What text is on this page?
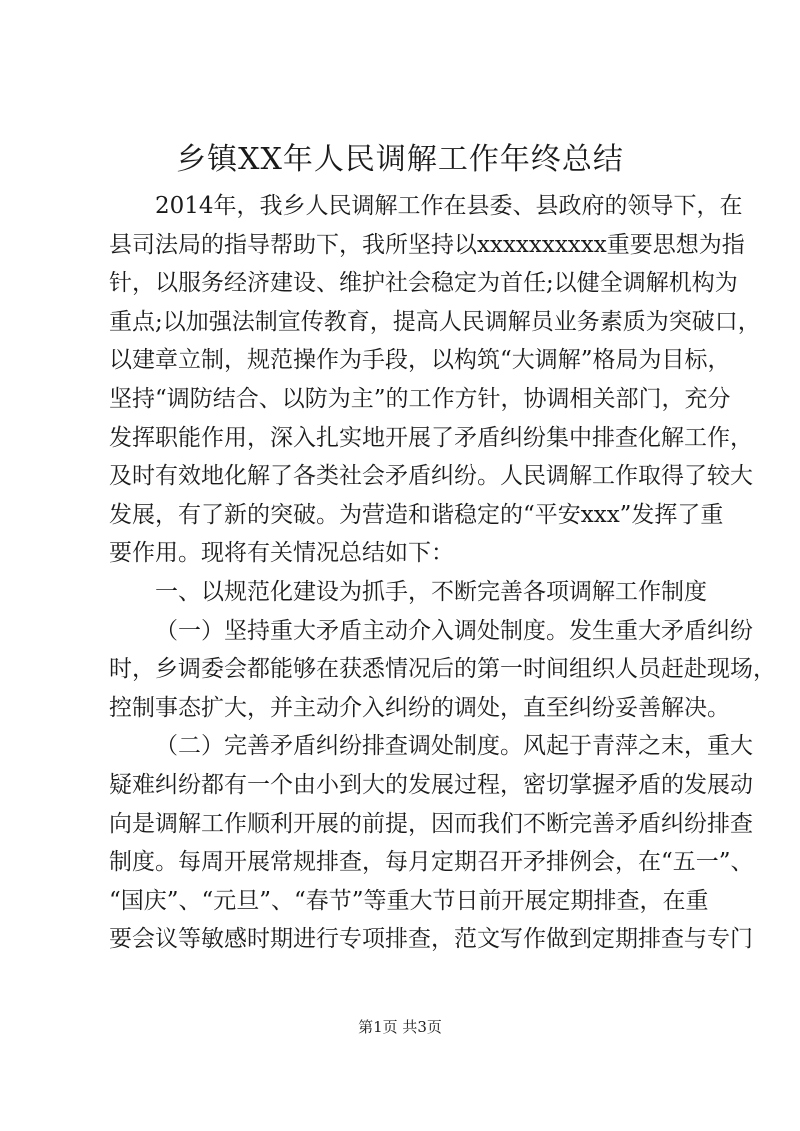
乡镇XX年人民调解工作年终总结
2014年，我乡人民调解工作在县委、县政府的领导下，在
县司法局的指导帮助下，我所坚持以xxxxxxxxxx重要思想为指
针，以服务经济建设、维护社会稳定为首任;以健全调解机构为
重点;以加强法制宣传教育，提高人民调解员业务素质为突破口，
以建章立制，规范操作为手段，以构筑“大调解”格局为目标，
坚持“调防结合、以防为主”的工作方针，协调相关部门，充分
发挥职能作用，深入扎实地开展了矛盾纠纷集中排查化解工作，
及时有效地化解了各类社会矛盾纠纷。人民调解工作取得了较大
发展，有了新的突破。为营造和谐稳定的“平安xxx”发挥了重
要作用。现将有关情况总结如下：
一、以规范化建设为抓手，不断完善各项调解工作制度
（一）坚持重大矛盾主动介入调处制度。发生重大矛盾纠纷
时，乡调委会都能够在获悉情况后的第一时间组织人员赶赴现场，
控制事态扩大，并主动介入纠纷的调处，直至纠纷妥善解决。
（二）完善矛盾纠纷排查调处制度。风起于青萍之末，重大
疑难纠纷都有一个由小到大的发展过程，密切掌握矛盾的发展动
向是调解工作顺利开展的前提，因而我们不断完善矛盾纠纷排查
制度。每周开展常规排查，每月定期召开矛排例会，在“五一”、
“国庆”、“元旦”、“春节”等重大节日前开展定期排查，在重
要会议等敏感时期进行专项排查，范文写作做到定期排查与专门
第1页 共3页
